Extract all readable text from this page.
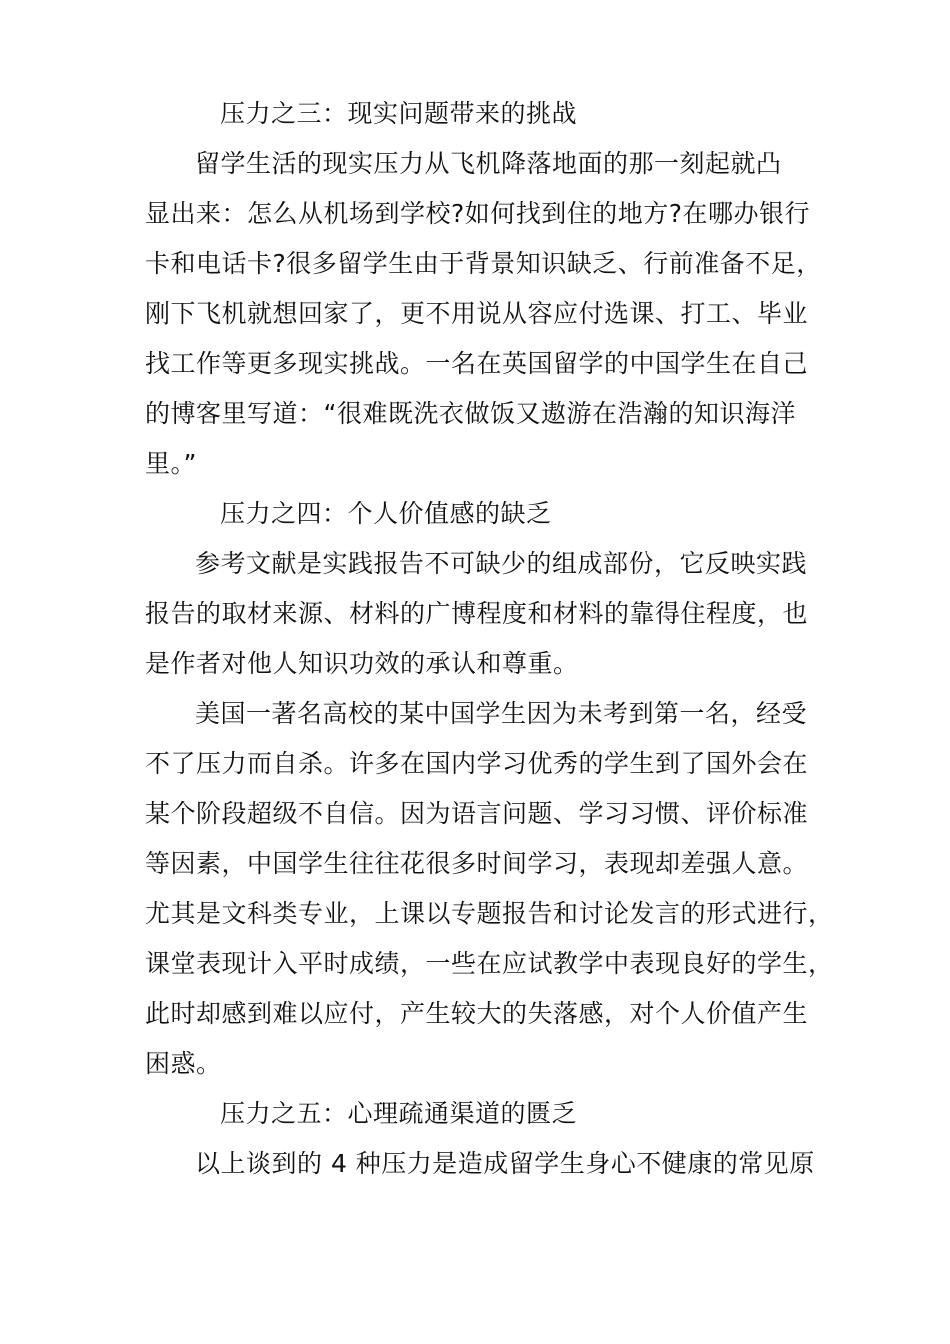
压力之三：现实问题带来的挑战
留学生活的现实压力从飞机降落地面的那一刻起就凸
显出来：怎么从机场到学校?如何找到住的地方?在哪办银行
卡和电话卡?很多留学生由于背景知识缺乏、行前准备不足，
刚下飞机就想回家了，更不用说从容应付选课、打工、毕业
找工作等更多现实挑战。一名在英国留学的中国学生在自己
的博客里写道：“很难既洗衣做饭又遨游在浩瀚的知识海洋
里。”
压力之四：个人价值感的缺乏
参考文献是实践报告不可缺少的组成部份，它反映实践
报告的取材来源、材料的广博程度和材料的靠得住程度，也
是作者对他人知识功效的承认和尊重。
美国一著名高校的某中国学生因为未考到第一名，经受
不了压力而自杀。许多在国内学习优秀的学生到了国外会在
某个阶段超级不自信。因为语言问题、学习习惯、评价标准
等因素，中国学生往往花很多时间学习，表现却差强人意。
尤其是文科类专业，上课以专题报告和讨论发言的形式进行，
课堂表现计入平时成绩，一些在应试教学中表现良好的学生，
此时却感到难以应付，产生较大的失落感，对个人价值产生
困惑。
压力之五：心理疏通渠道的匮乏
以上谈到的 4 种压力是造成留学生身心不健康的常见原
